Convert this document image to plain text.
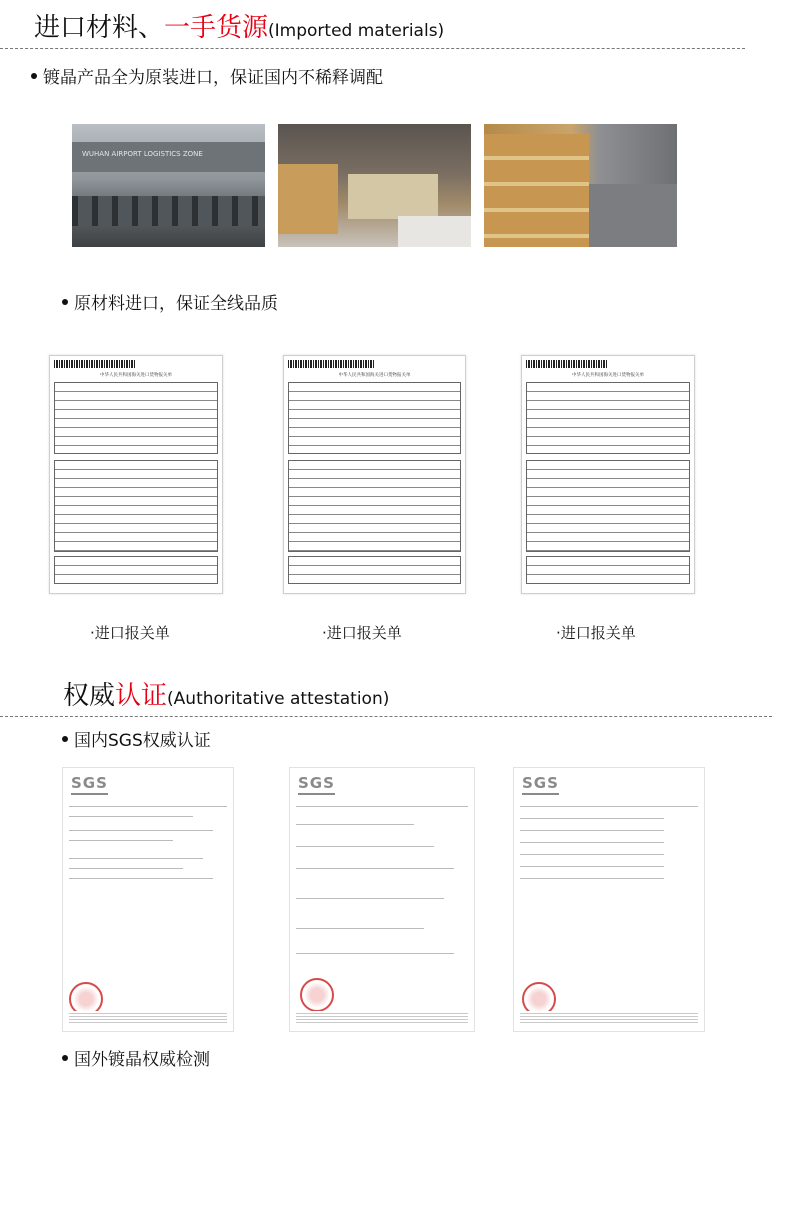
进口材料、一手货源(Imported materials)
镀晶产品全为原装进口，保证国内不稀释调配
WUHAN AIRPORT LOGISTICS ZONE
原材料进口，保证全线品质
中华人民共和国海关进口货物报关单	中华人民共和国海关进口货物报关单	中华人民共和国海关进口货物报关单
·进口报关单	·进口报关单	·进口报关单
权威认证(Authoritative attestation)
国内SGS权威认证
SGS	SGS	SGS
国外镀晶权威检测
